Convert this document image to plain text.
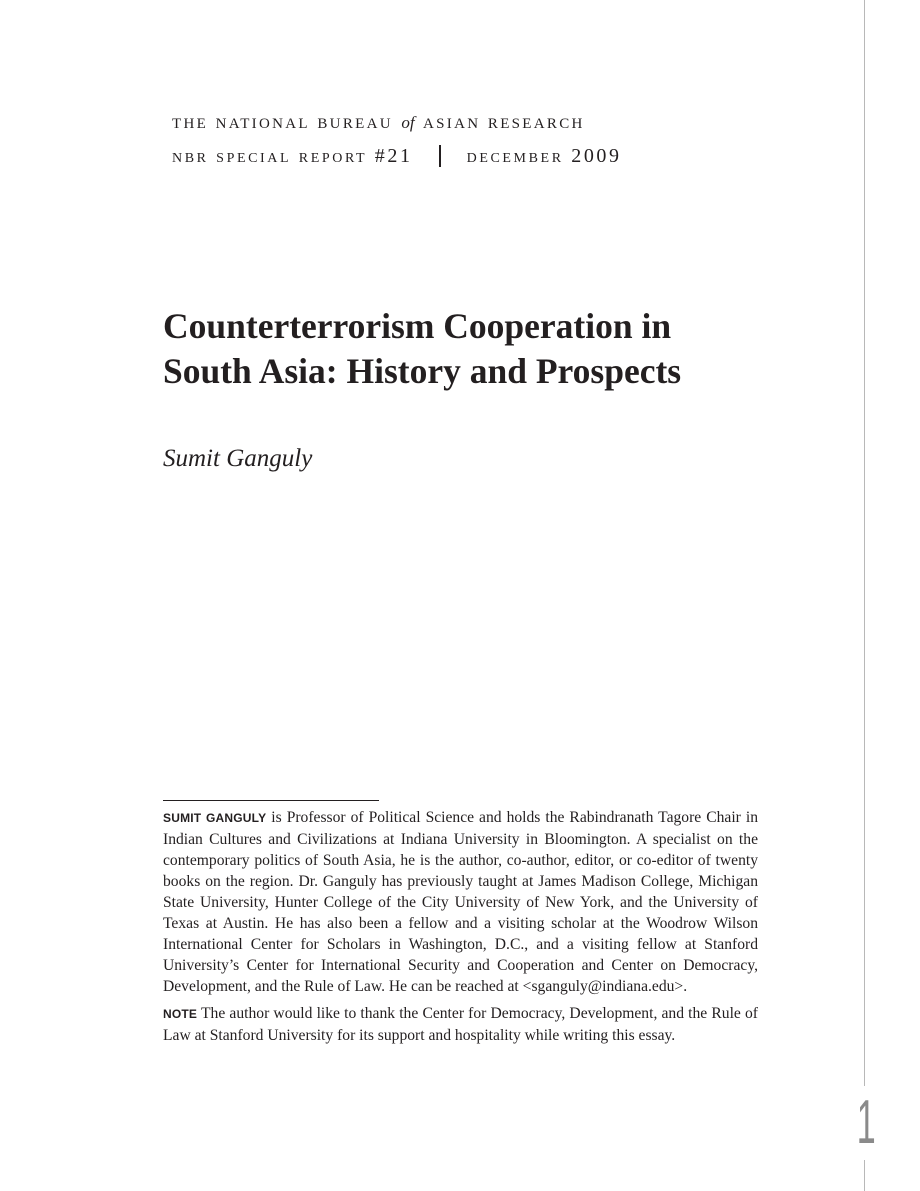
1
the national bureau of asian research
nbr special report #21	december 2009
Counterterrorism Cooperation in
South Asia: History and Prospects
Sumit Ganguly

SUMIT GANGULY is Professor of Political Science and holds the Rabindranath Tagore Chair in Indian Cultures and Civilizations at Indiana University in Bloomington. A specialist on the contemporary politics of South Asia, he is the author, co-author, editor, or co-editor of twenty books on the region. Dr. Ganguly has previously taught at James Madison College, Michigan State University, Hunter College of the City University of New York, and the University of Texas at Austin. He has also been a fellow and a visiting scholar at the Woodrow Wilson International Center for Scholars in Washington, D.C., and a visiting fellow at Stanford University’s Center for International Security and Cooperation and Center on Democracy, Development, and the Rule of Law. He can be reached at <sganguly@indiana.edu>.

NOTE The author would like to thank the Center for Democracy, Development, and the Rule of Law at Stanford University for its support and hospitality while writing this essay.
